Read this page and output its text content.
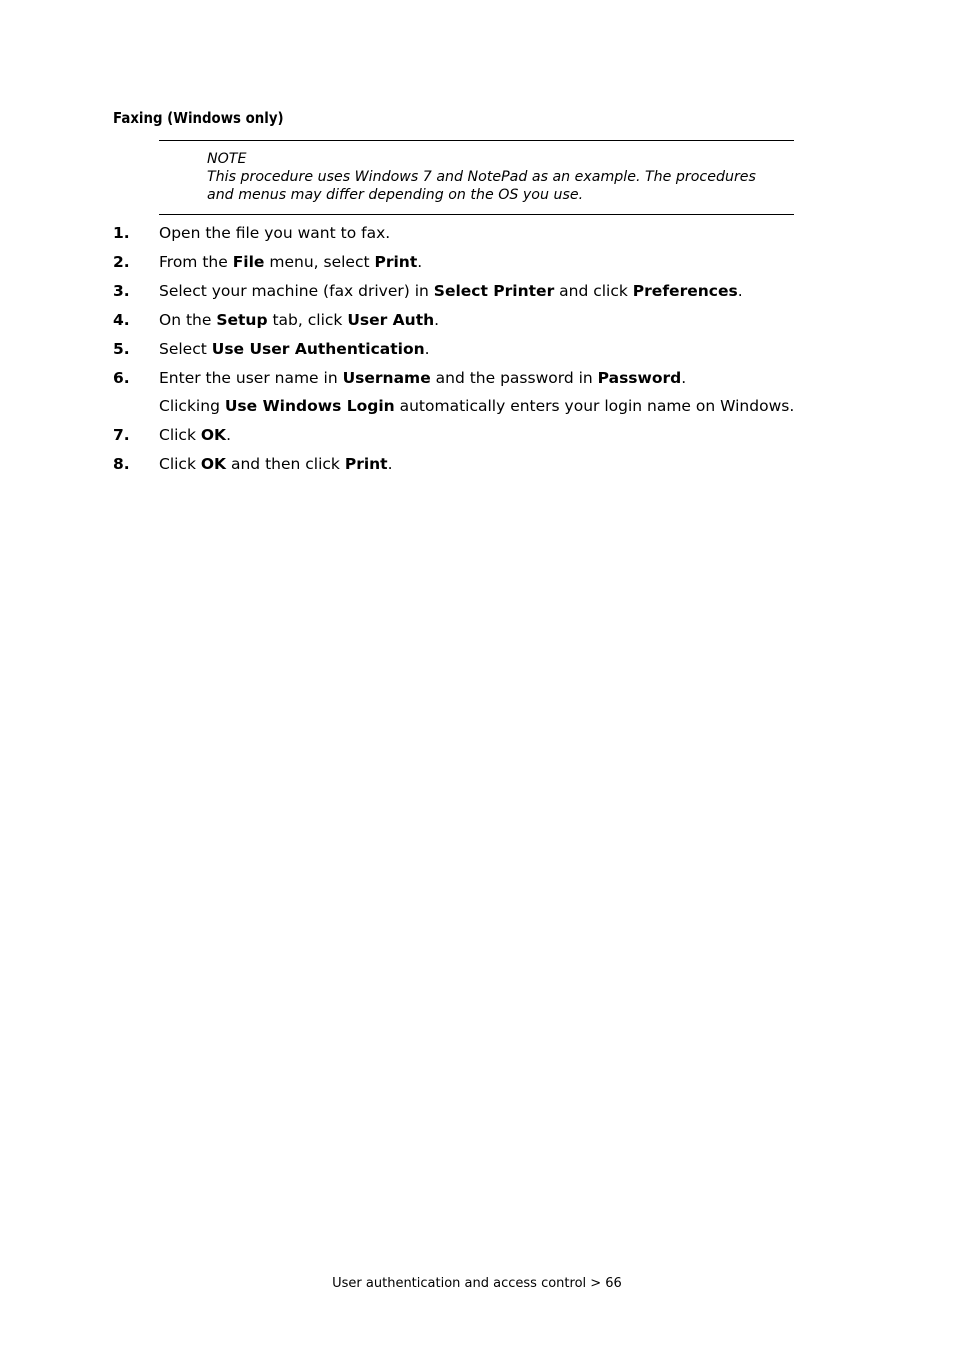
Faxing (Windows only)
NOTE
This procedure uses Windows 7 and NotePad as an example. The procedures
and menus may differ depending on the OS you use.
1. Open the file you want to fax.
2. From the File menu, select Print.
3. Select your machine (fax driver) in Select Printer and click Preferences.
4. On the Setup tab, click User Auth.
5. Select Use User Authentication.
6. Enter the user name in Username and the password in Password.
Clicking Use Windows Login automatically enters your login name on Windows.
7. Click OK.
8. Click OK and then click Print.
User authentication and access control > 66
